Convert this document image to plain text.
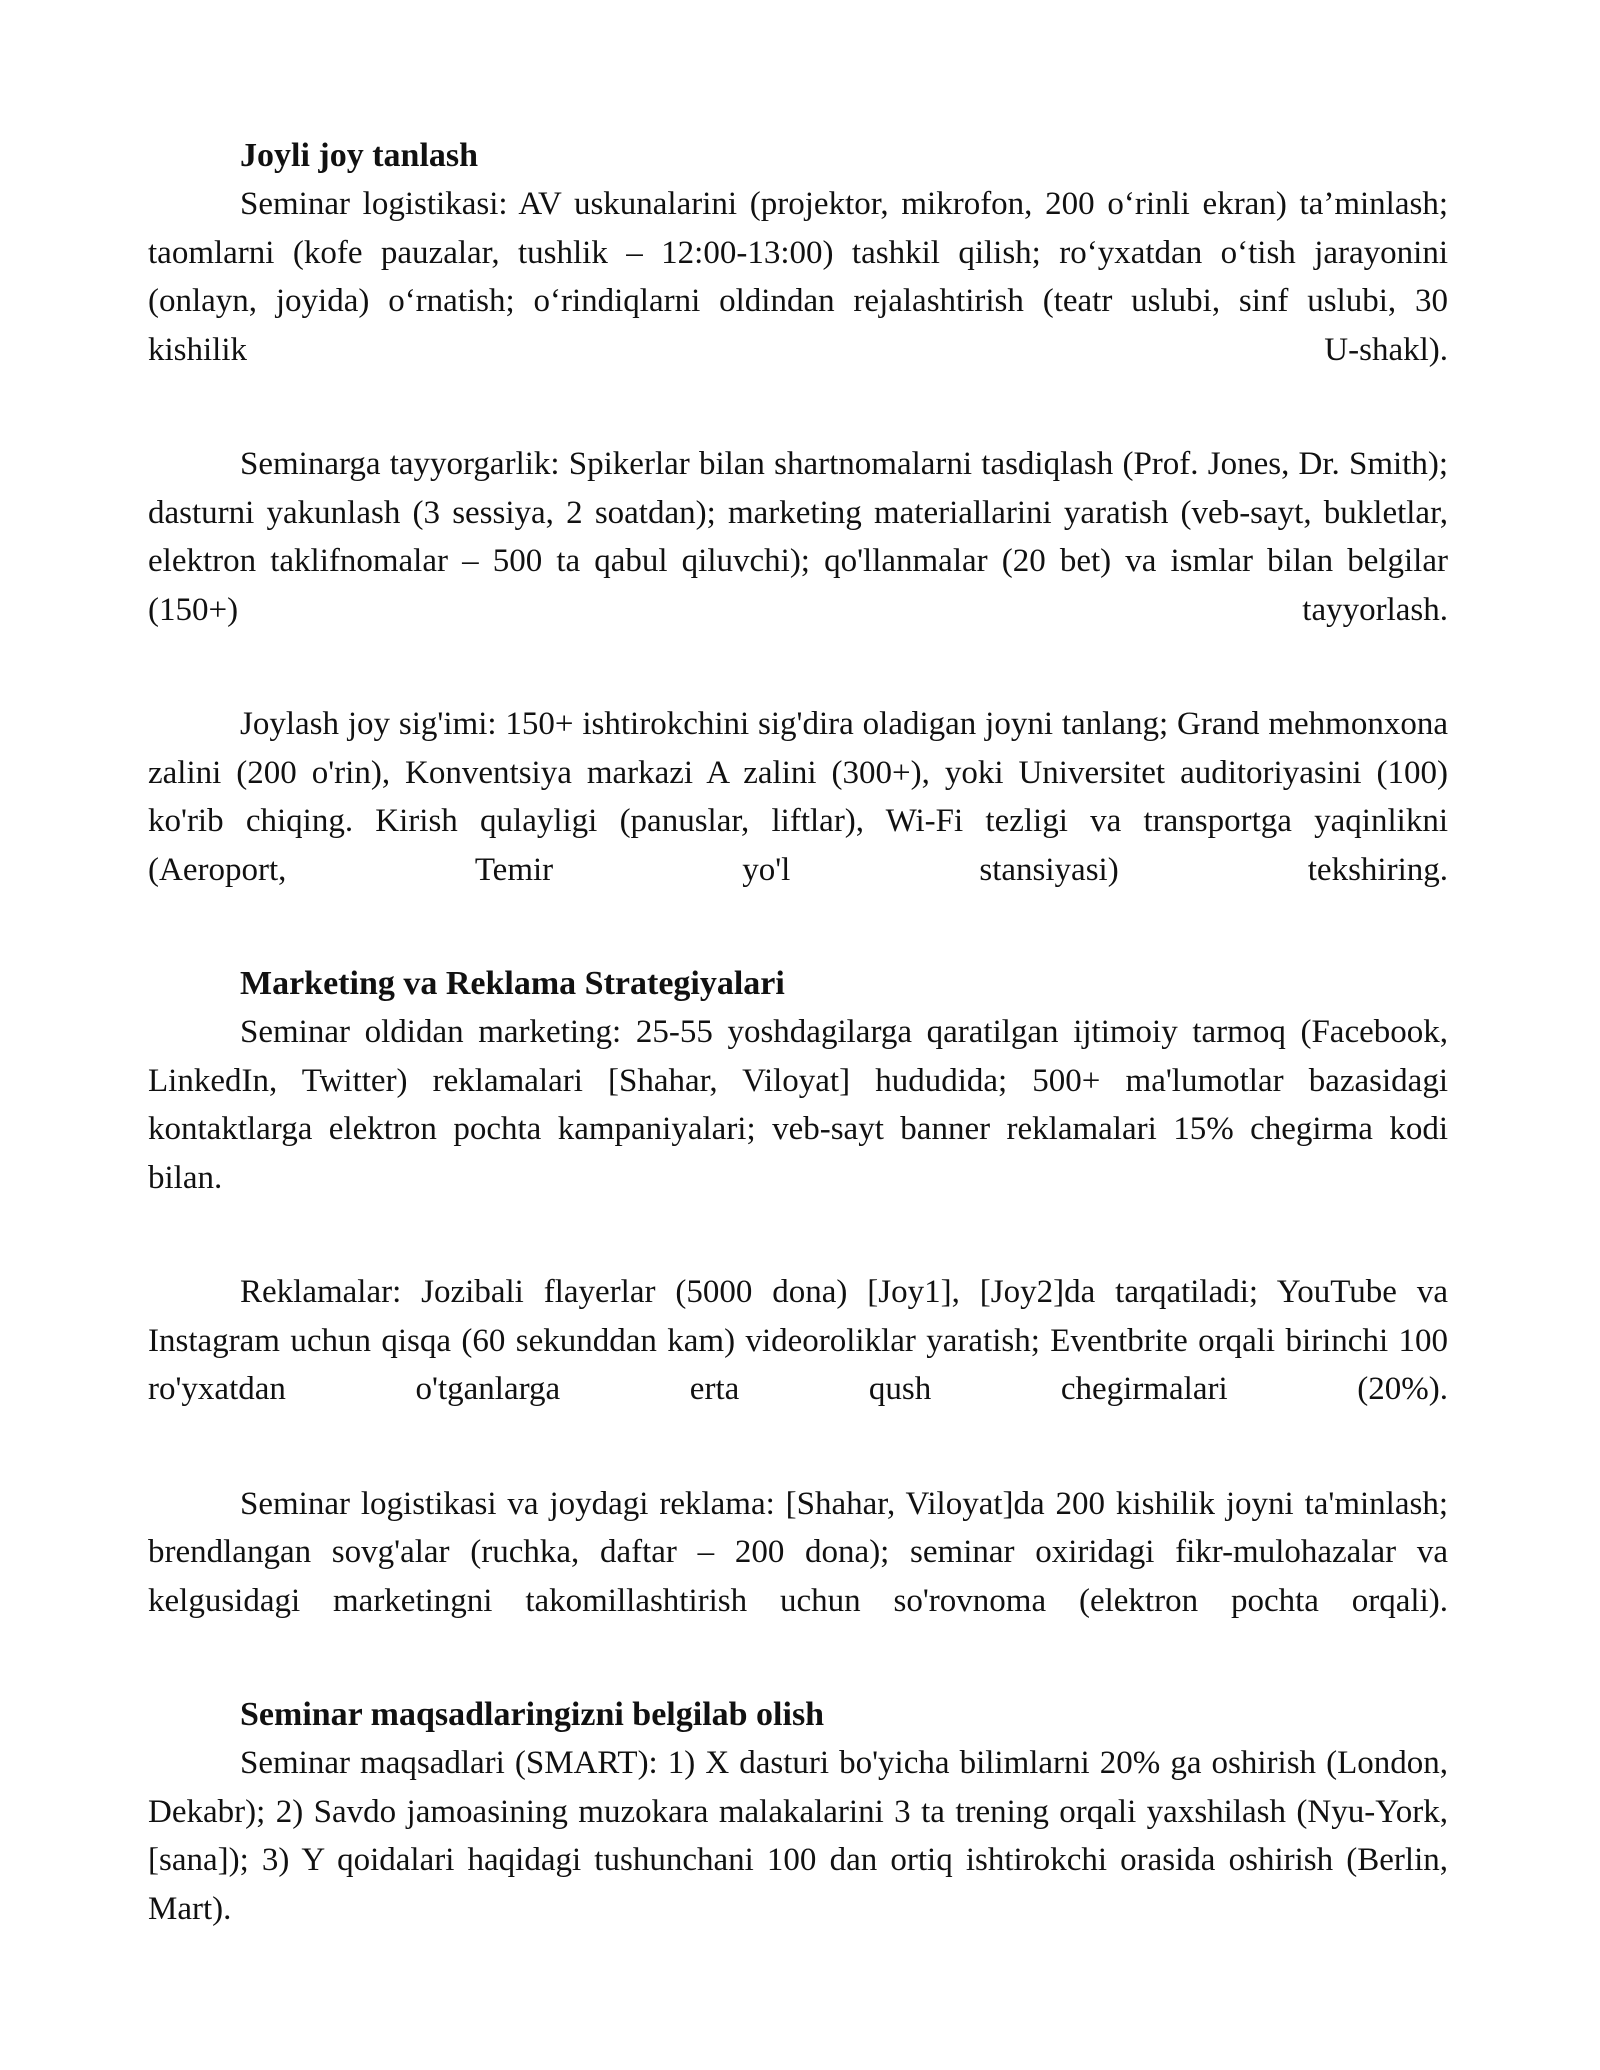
Joyli joy tanlash

Seminar logistikasi: AV uskunalarini (projektor, mikrofon, 200 o‘rinli ekran) ta’minlash; taomlarni (kofe pauzalar, tushlik – 12:00-13:00) tashkil qilish; ro‘yxatdan o‘tish jarayonini (onlayn, joyida) o‘rnatish; o‘rindiqlarni oldindan rejalashtirish (teatr uslubi, sinf uslubi, 30 kishilik U-shakl).

Seminarga tayyorgarlik: Spikerlar bilan shartnomalarni tasdiqlash (Prof. Jones, Dr. Smith); dasturni yakunlash (3 sessiya, 2 soatdan); marketing materiallarini yaratish (veb-sayt, bukletlar, elektron taklifnomalar – 500 ta qabul qiluvchi); qo'llanmalar (20 bet) va ismlar bilan belgilar (150+) tayyorlash.

Joylash joy sig'imi: 150+ ishtirokchini sig'dira oladigan joyni tanlang; Grand mehmonxona zalini (200 o'rin), Konventsiya markazi A zalini (300+), yoki Universitet auditoriyasini (100) ko'rib chiqing. Kirish qulayligi (panuslar, liftlar), Wi-Fi tezligi va transportga yaqinlikni (Aeroport, Temir yo'l stansiyasi) tekshiring.

Marketing va Reklama Strategiyalari

Seminar oldidan marketing: 25-55 yoshdagilarga qaratilgan ijtimoiy tarmoq (Facebook, LinkedIn, Twitter) reklamalari [Shahar, Viloyat] hududida; 500+ ma'lumotlar bazasidagi kontaktlarga elektron pochta kampaniyalari; veb-sayt banner reklamalari 15% chegirma kodi bilan.

Reklamalar: Jozibali flayerlar (5000 dona) [Joy1], [Joy2]da tarqatiladi; YouTube va Instagram uchun qisqa (60 sekunddan kam) videoroliklar yaratish; Eventbrite orqali birinchi 100 ro'yxatdan o'tganlarga erta qush chegirmalari (20%).

Seminar logistikasi va joydagi reklama: [Shahar, Viloyat]da 200 kishilik joyni ta'minlash; brendlangan sovg'alar (ruchka, daftar – 200 dona); seminar oxiridagi fikr-mulohazalar va kelgusidagi marketingni takomillashtirish uchun so'rovnoma (elektron pochta orqali).

Seminar maqsadlaringizni belgilab olish

Seminar maqsadlari (SMART): 1) X dasturi bo'yicha bilimlarni 20% ga oshirish (London, Dekabr); 2) Savdo jamoasining muzokara malakalarini 3 ta trening orqali yaxshilash (Nyu-York, [sana]); 3) Y qoidalari haqidagi tushunchani 100 dan ortiq ishtirokchi orasida oshirish (Berlin, Mart).
